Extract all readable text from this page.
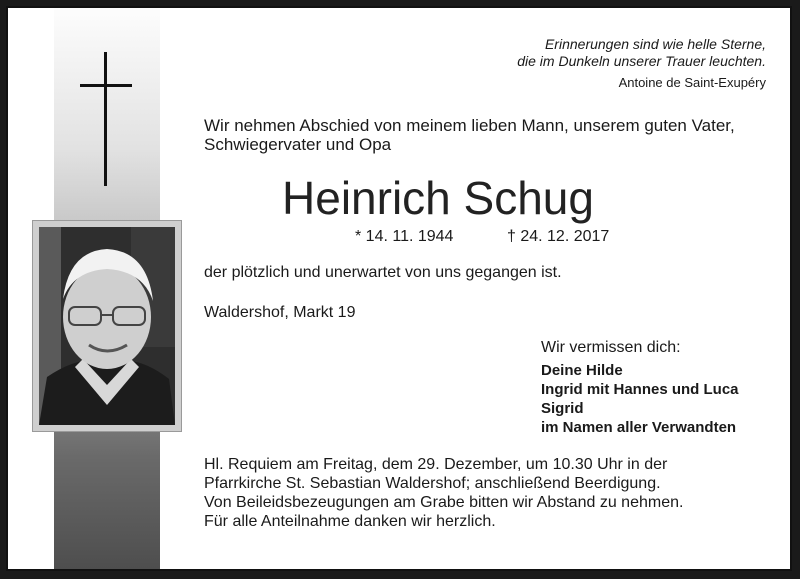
Erinnerungen sind wie helle Sterne,
die im Dunkeln unserer Trauer leuchten.
Antoine de Saint-Exupéry
Wir nehmen Abschied von meinem lieben Mann, unserem guten Vater,
Schwiegervater und Opa
Heinrich Schug
* 14. 11. 1944	† 24. 12. 2017
der plötzlich und unerwartet von uns gegangen ist.
Waldershof, Markt 19
Wir vermissen dich:
Deine Hilde
Ingrid mit Hannes und Luca
Sigrid
im Namen aller Verwandten
Hl. Requiem am Freitag, dem 29. Dezember, um 10.30 Uhr in der
Pfarrkirche St. Sebastian Waldershof; anschließend Beerdigung.
Von Beileidsbezeugungen am Grabe bitten wir Abstand zu nehmen.
Für alle Anteilnahme danken wir herzlich.
